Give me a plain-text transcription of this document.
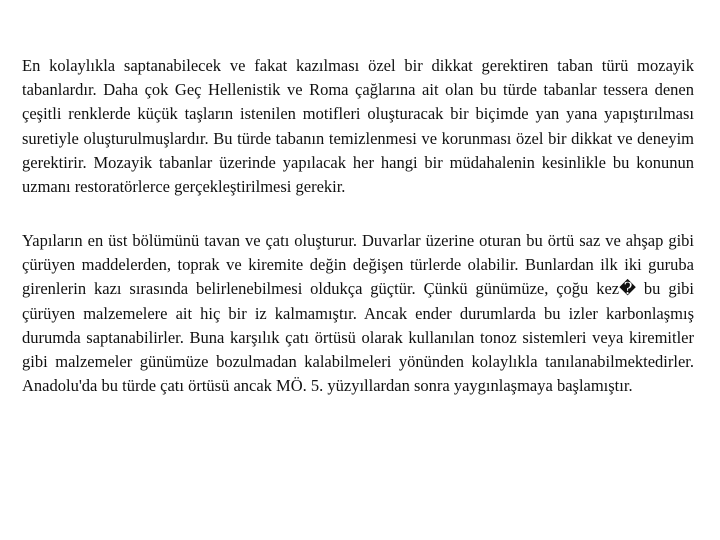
En kolaylıkla saptanabilecek ve fakat kazılması özel bir dikkat gerektiren taban türü mozayik tabanlardır. Daha çok Geç Hellenistik ve Roma çağlarına ait olan bu türde tabanlar tessera denen çeşitli renklerde küçük taşların istenilen motifleri oluşturacak bir biçimde yan yana yapıştırılması suretiyle oluşturulmuşlardır. Bu türde tabanın temizlenmesi ve korunması özel bir dikkat ve deneyim gerektirir. Mozayik tabanlar üzerinde yapılacak her hangi bir müdahalenin kesinlikle bu konunun uzmanı restoratörlerce gerçekleştirilmesi gerekir.

Yapıların en üst bölümünü tavan ve çatı oluşturur. Duvarlar üzerine oturan bu örtü saz ve ahşap gibi çürüyen maddelerden, toprak ve kiremite değin değişen türlerde olabilir. Bunlardan ilk iki guruba girenlerin kazı sırasında belirlenebilmesi oldukça güçtür. Çünkü günümüze, çoğu kez� bu gibi çürüyen malzemelere ait hiç bir iz kalmamıştır. Ancak ender durumlarda bu izler karbonlaşmış durumda saptanabilirler. Buna karşılık çatı örtüsü olarak kullanılan tonoz sistemleri veya kiremitler gibi malzemeler günümüze bozulmadan kalabilmeleri yönünden kolaylıkla tanılanabilmektedirler. Anadolu'da bu türde çatı örtüsü ancak MÖ. 5. yüzyıllardan sonra yaygınlaşmaya başlamıştır.
